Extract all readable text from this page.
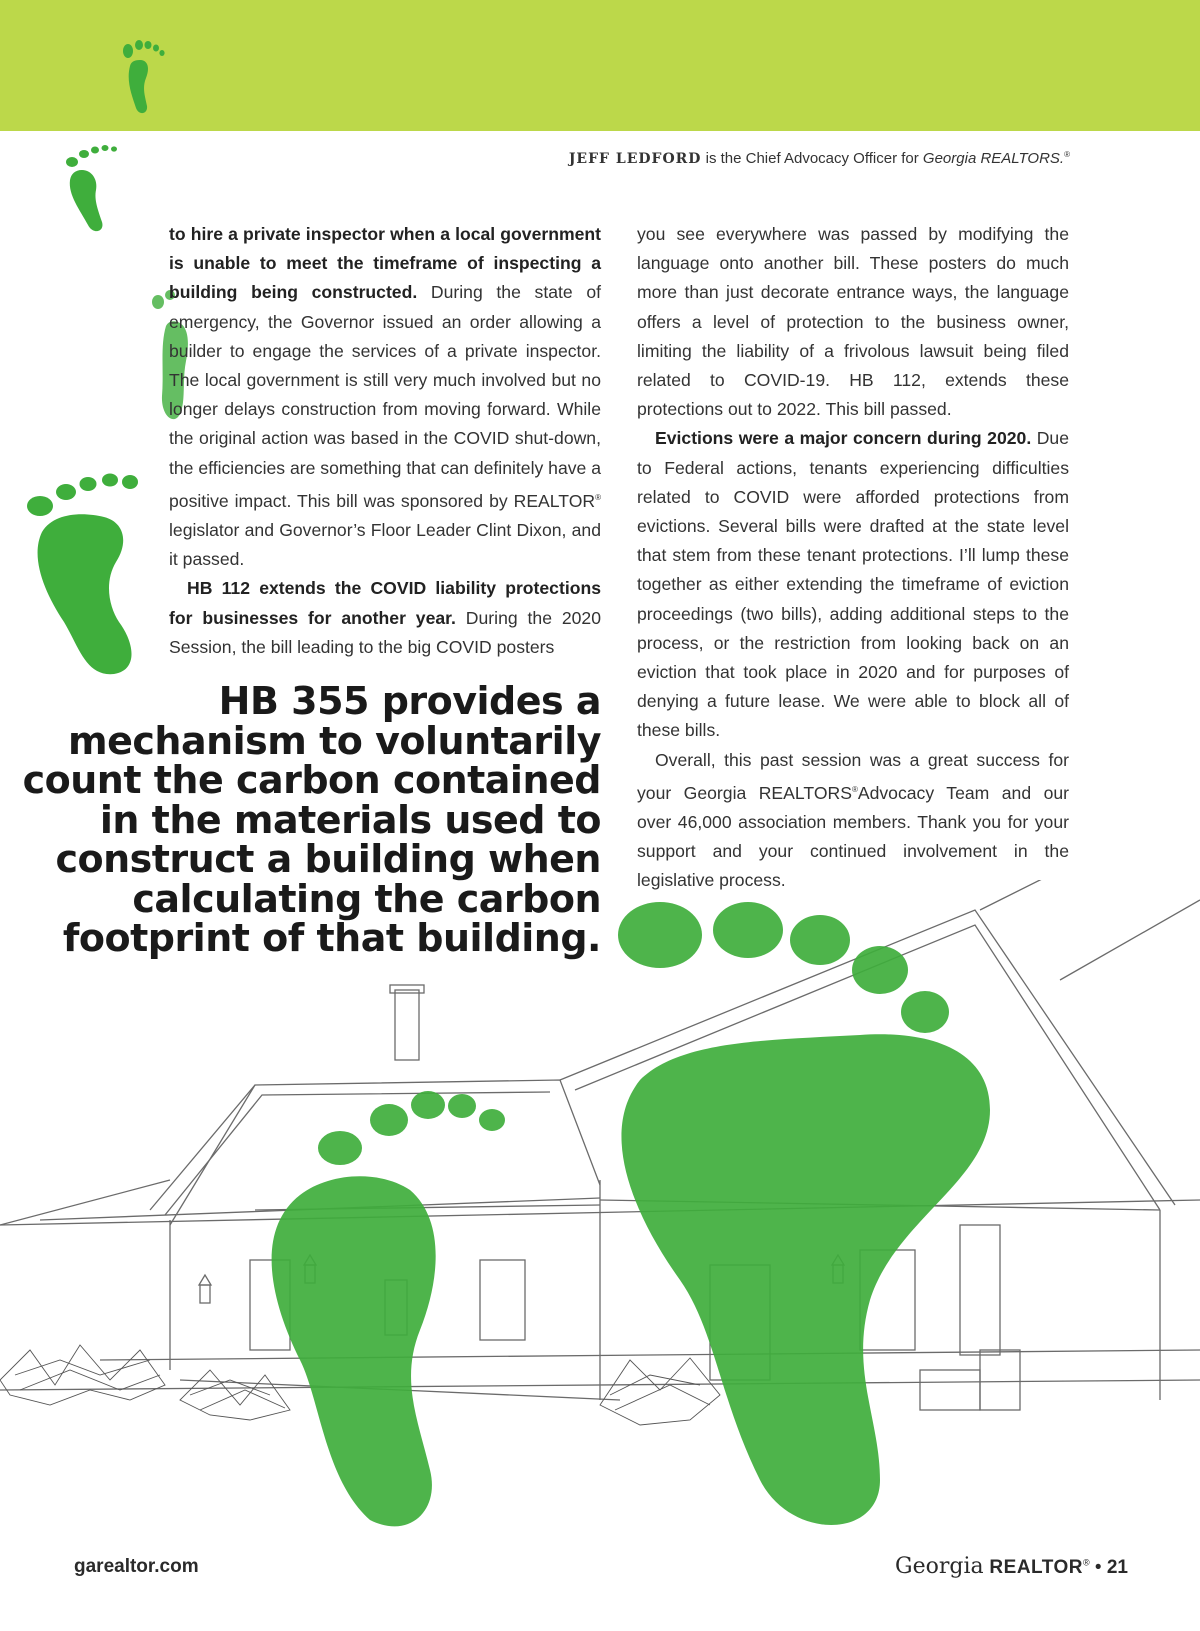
JEFF LEDFORD is the Chief Advocacy Officer for Georgia REALTORS.®

to hire a private inspector when a local government is unable to meet the timeframe of inspecting a building being constructed. During the state of emergency, the Governor issued an order allowing a builder to engage the services of a private inspector. The local government is still very much involved but no longer delays construction from moving forward. While the original action was based in the COVID shut-down, the efficiencies are something that can definitely have a positive impact. This bill was sponsored by REALTOR® legislator and Governor’s Floor Leader Clint Dixon, and it passed.

HB 112 extends the COVID liability protections for businesses for another year. During the 2020 Session, the bill leading to the big COVID posters

you see everywhere was passed by modifying the language onto another bill. These posters do much more than just decorate entrance ways, the language offers a level of protection to the business owner, limiting the liability of a frivolous lawsuit being filed related to COVID-19. HB 112, extends these protections out to 2022. This bill passed.

Evictions were a major concern during 2020. Due to Federal actions, tenants experiencing difficulties related to COVID were afforded protections from evictions. Several bills were drafted at the state level that stem from these tenant protections. I’ll lump these together as either extending the timeframe of eviction proceedings (two bills), adding additional steps to the process, or the restriction from looking back on an eviction that took place in 2020 and for purposes of denying a future lease. We were able to block all of these bills.

Overall, this past session was a great success for your Georgia REALTORS®Advocacy Team and our over 46,000 association members. Thank you for your support and your continued involvement in the legislative process.

HB 355 provides a mechanism to voluntarily count the carbon contained in the materials used to construct a building when calculating the carbon footprint of that building.
garealtor.com	Georgia REALTOR® • 21
